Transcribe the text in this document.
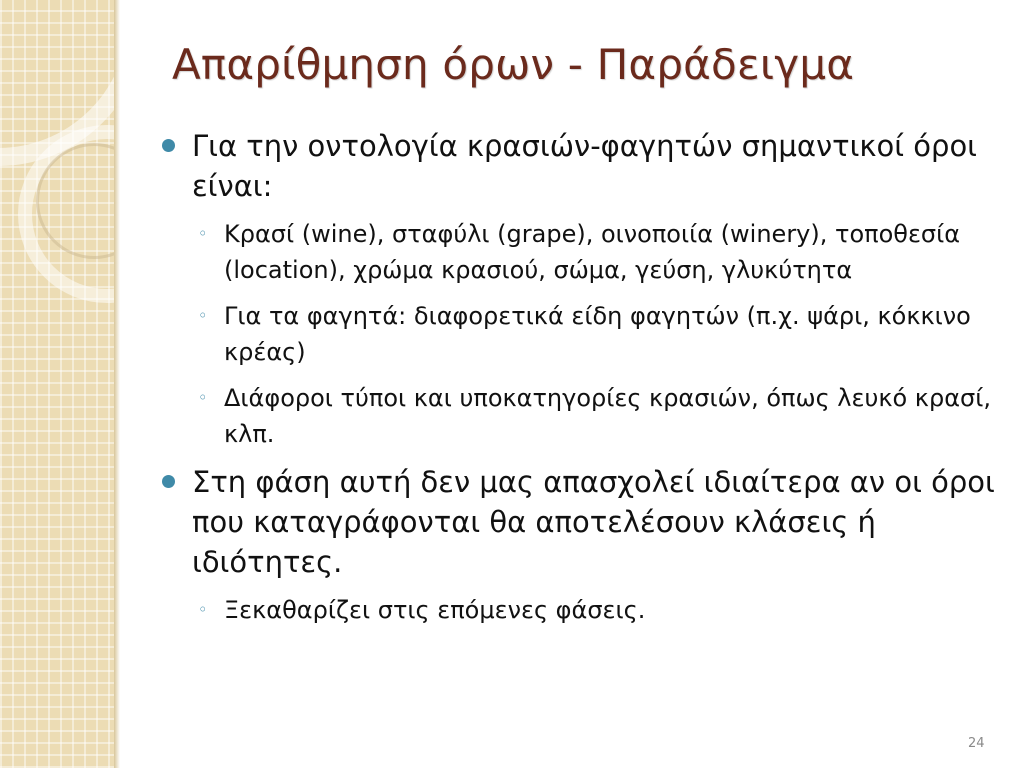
Απαρίθμηση όρων - Παράδειγμα
Για την οντολογία κρασιών-φαγητών σημαντικοί όροι είναι:
◦ Κρασί (wine), σταφύλι (grape), οινοποιία (winery), τοποθεσία (location), χρώμα κρασιού, σώμα, γεύση, γλυκύτητα
◦ Για τα φαγητά: διαφορετικά είδη φαγητών (π.χ. ψάρι, κόκκινο κρέας)
◦ Διάφοροι τύποι και υποκατηγορίες κρασιών, όπως λευκό κρασί, κλπ.
Στη φάση αυτή δεν μας απασχολεί ιδιαίτερα αν οι όροι που καταγράφονται θα αποτελέσουν κλάσεις ή ιδιότητες.
◦ Ξεκαθαρίζει στις επόμενες φάσεις.
24
